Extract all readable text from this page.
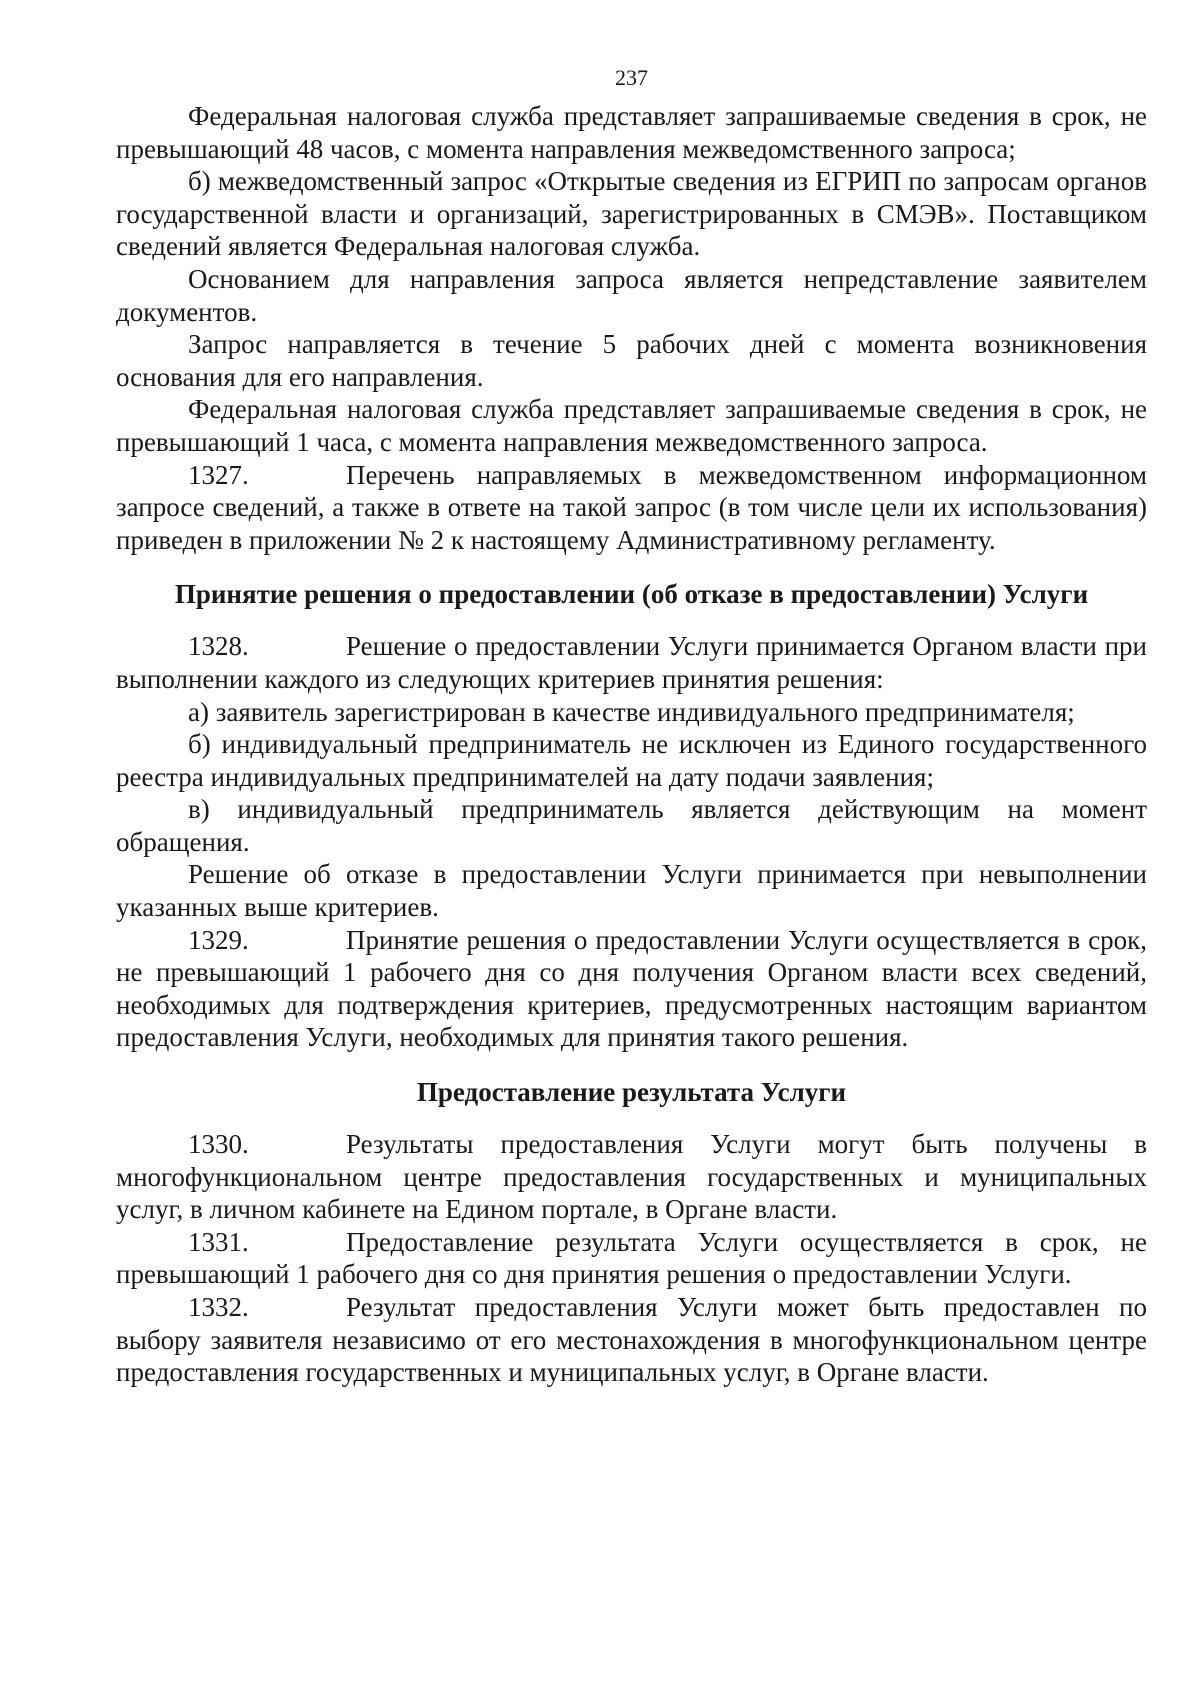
237

Федеральная налоговая служба представляет запрашиваемые сведения в срок, не превышающий 48 часов, с момента направления межведомственного запроса;

б) межведомственный запрос «Открытые сведения из ЕГРИП по запросам органов государственной власти и организаций, зарегистрированных в СМЭВ». Поставщиком сведений является Федеральная налоговая служба.

Основанием для направления запроса является непредставление заявителем документов.

Запрос направляется в течение 5 рабочих дней с момента возникновения основания для его направления.

Федеральная налоговая служба представляет запрашиваемые сведения в срок, не превышающий 1 часа, с момента направления межведомственного запроса.

1327.	Перечень направляемых в межведомственном информационном запросе сведений, а также в ответе на такой запрос (в том числе цели их использования) приведен в приложении № 2 к настоящему Административному регламенту.

Принятие решения о предоставлении (об отказе в предоставлении) Услуги

1328.	Решение о предоставлении Услуги принимается Органом власти при выполнении каждого из следующих критериев принятия решения:

а) заявитель зарегистрирован в качестве индивидуального предпринимателя;

б) индивидуальный предприниматель не исключен из Единого государственного реестра индивидуальных предпринимателей на дату подачи заявления;

в) индивидуальный предприниматель является действующим на момент обращения.

Решение об отказе в предоставлении Услуги принимается при невыполнении указанных выше критериев.

1329.	Принятие решения о предоставлении Услуги осуществляется в срок, не превышающий 1 рабочего дня со дня получения Органом власти всех сведений, необходимых для подтверждения критериев, предусмотренных настоящим вариантом предоставления Услуги, необходимых для принятия такого решения.

Предоставление результата Услуги

1330.	Результаты предоставления Услуги могут быть получены в многофункциональном центре предоставления государственных и муниципальных услуг, в личном кабинете на Едином портале, в Органе власти.

1331.	Предоставление результата Услуги осуществляется в срок, не превышающий 1 рабочего дня со дня принятия решения о предоставлении Услуги.

1332.	Результат предоставления Услуги может быть предоставлен по выбору заявителя независимо от его местонахождения в многофункциональном центре предоставления государственных и муниципальных услуг, в Органе власти.
